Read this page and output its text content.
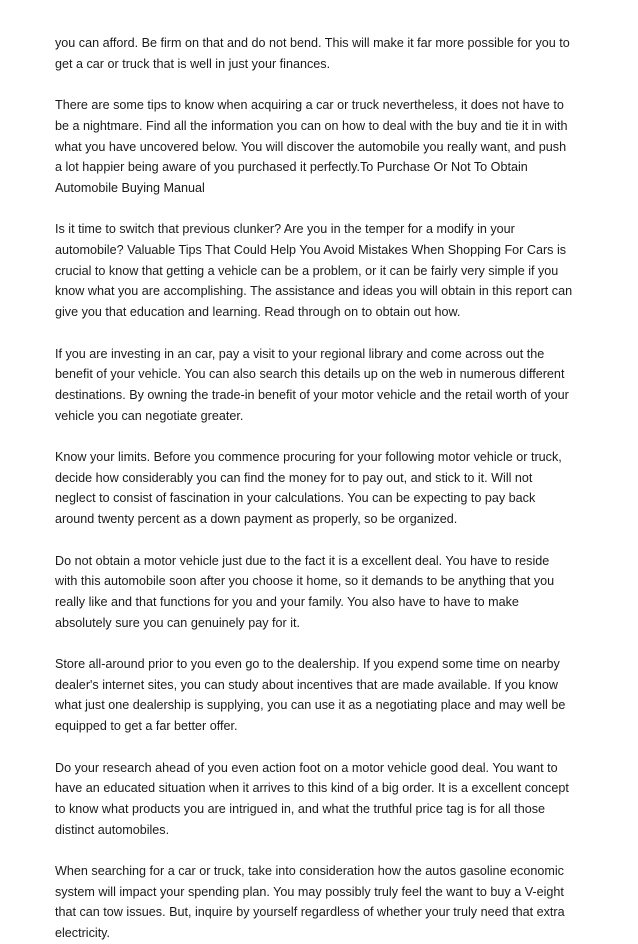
you can afford. Be firm on that and do not bend. This will make it far more possible for you to
get a car or truck that is well in just your finances.

There are some tips to know when acquiring a car or truck nevertheless, it does not have to
be a nightmare. Find all the information you can on how to deal with the buy and tie it in with
what you have uncovered below. You will discover the automobile you really want, and push
a lot happier being aware of you purchased it perfectly.To Purchase Or Not To Obtain
Automobile Buying Manual

Is it time to switch that previous clunker? Are you in the temper for a modify in your
automobile? Valuable Tips That Could Help You Avoid Mistakes When Shopping For Cars is
crucial to know that getting a vehicle can be a problem, or it can be fairly very simple if you
know what you are accomplishing. The assistance and ideas you will obtain in this report can
give you that education and learning. Read through on to obtain out how.

If you are investing in an car, pay a visit to your regional library and come across out the
benefit of your vehicle. You can also search this details up on the web in numerous different
destinations. By owning the trade-in benefit of your motor vehicle and the retail worth of your
vehicle you can negotiate greater.

Know your limits. Before you commence procuring for your following motor vehicle or truck,
decide how considerably you can find the money for to pay out, and stick to it. Will not
neglect to consist of fascination in your calculations. You can be expecting to pay back
around twenty percent as a down payment as properly, so be organized.

Do not obtain a motor vehicle just due to the fact it is a excellent deal. You have to reside
with this automobile soon after you choose it home, so it demands to be anything that you
really like and that functions for you and your family. You also have to have to make
absolutely sure you can genuinely pay for it.

Store all-around prior to you even go to the dealership. If you expend some time on nearby
dealer's internet sites, you can study about incentives that are made available. If you know
what just one dealership is supplying, you can use it as a negotiating place and may well be
equipped to get a far better offer.

Do your research ahead of you even action foot on a motor vehicle good deal. You want to
have an educated situation when it arrives to this kind of a big order. It is a excellent concept
to know what products you are intrigued in, and what the truthful price tag is for all those
distinct automobiles.

When searching for a car or truck, take into consideration how the autos gasoline economic
system will impact your spending plan. You may possibly truly feel the want to buy a V-eight
that can tow issues. But, inquire by yourself regardless of whether your truly need that extra
electricity.
